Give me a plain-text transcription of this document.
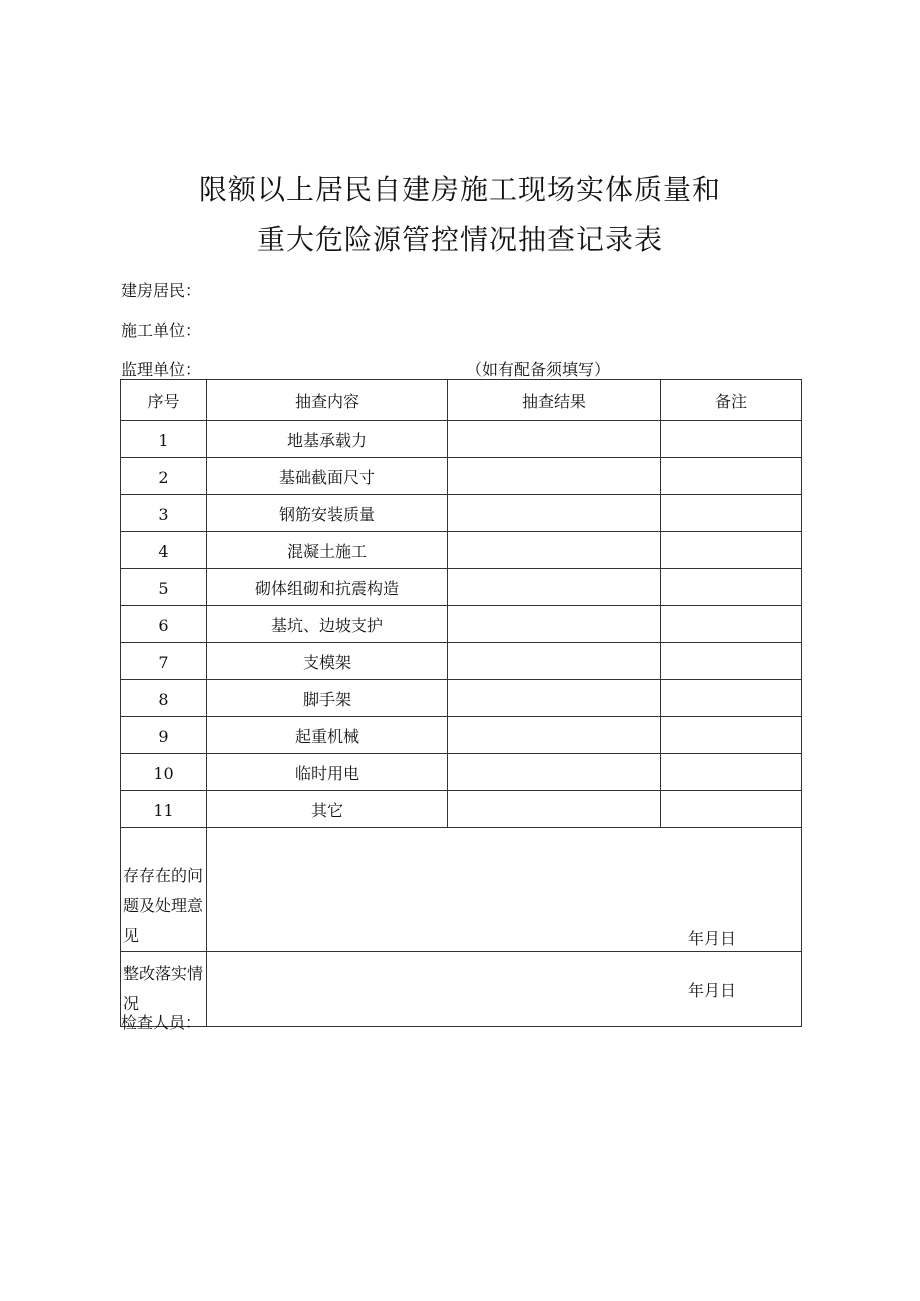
限额以上居民自建房施工现场实体质量和
重大危险源管控情况抽查记录表
建房居民：
施工单位：
监理单位：	（如有配备须填写）
序号	抽查内容	抽查结果	备注
1	地基承载力		
2	基础截面尺寸		
3	钢筋安装质量		
4	混凝土施工		
5	砌体组砌和抗震构造		
6	基坑、边坡支护		
7	支模架		
8	脚手架		
9	起重机械		
10	临时用电		
11	其它		
存存在的问题及处理意见	年月日		

整改落实情况	年月日		
检查人员：
